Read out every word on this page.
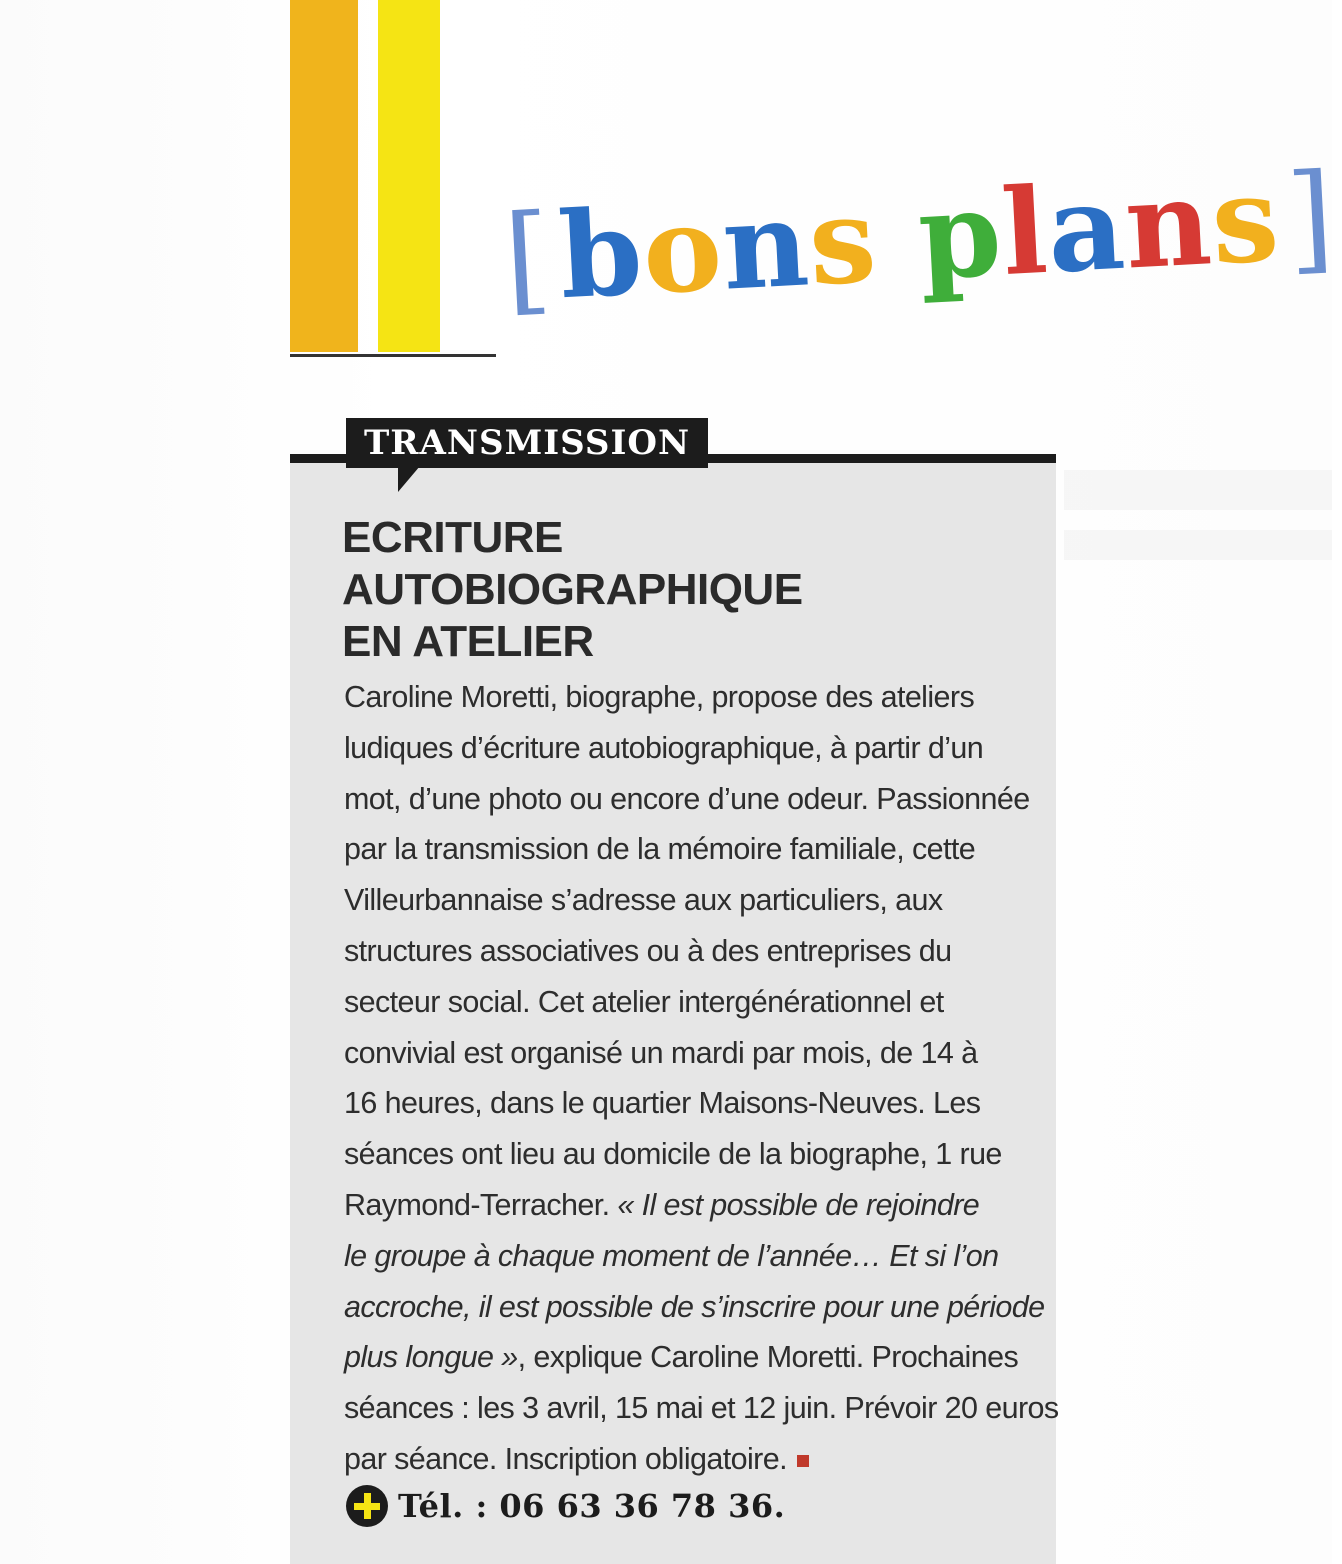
[bons plans]
TRANSMISSION
ECRITURE
AUTOBIOGRAPHIQUE
EN ATELIER
Caroline Moretti, biographe, propose des ateliers
ludiques d’écriture autobiographique, à partir d’un
mot, d’une photo ou encore d’une odeur. Passionnée
par la transmission de la mémoire familiale, cette
Villeurbannaise s’adresse aux particuliers, aux
structures associatives ou à des entreprises du
secteur social. Cet atelier intergénérationnel et
convivial est organisé un mardi par mois, de 14 à
16 heures, dans le quartier Maisons-Neuves. Les
séances ont lieu au domicile de la biographe, 1 rue
Raymond-Terracher. « Il est possible de rejoindre
le groupe à chaque moment de l’année… Et si l’on
accroche, il est possible de s’inscrire pour une période
plus longue », explique Caroline Moretti. Prochaines
séances : les 3 avril, 15 mai et 12 juin. Prévoir 20 euros
par séance. Inscription obligatoire.
Tél. : 06 63 36 78 36.
